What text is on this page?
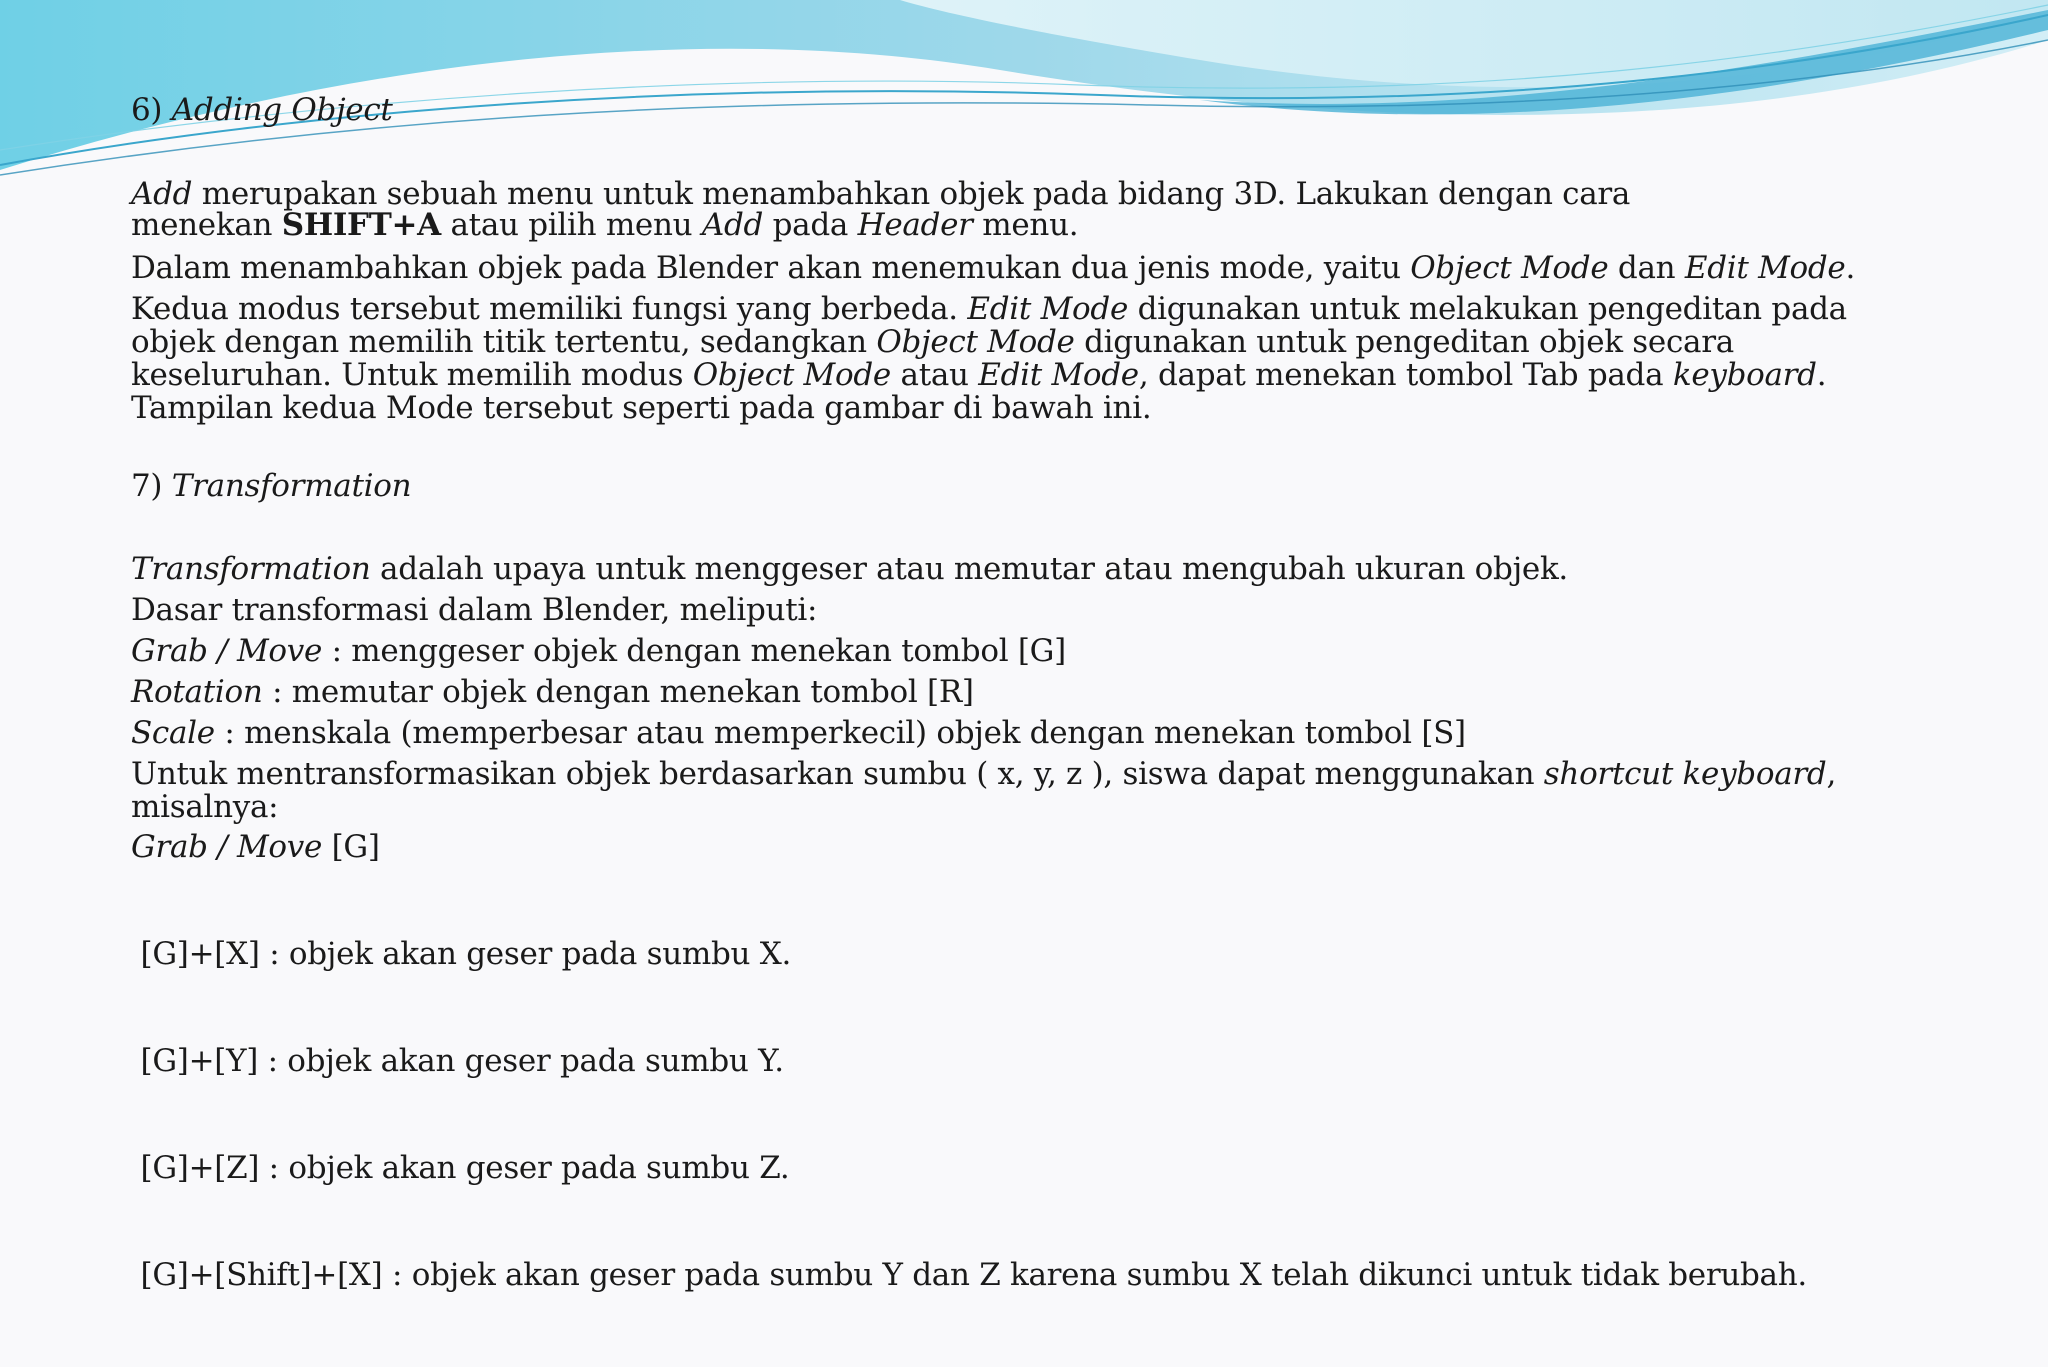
6) Adding Object
Add merupakan sebuah menu untuk menambahkan objek pada bidang 3D. Lakukan dengan cara
menekan SHIFT+A atau pilih menu Add pada Header menu.
Dalam menambahkan objek pada Blender akan menemukan dua jenis mode, yaitu Object Mode dan Edit Mode.
Kedua modus tersebut memiliki fungsi yang berbeda. Edit Mode digunakan untuk melakukan pengeditan pada
objek dengan memilih titik tertentu, sedangkan Object Mode digunakan untuk pengeditan objek secara
keseluruhan. Untuk memilih modus Object Mode atau Edit Mode, dapat menekan tombol Tab pada keyboard.
Tampilan kedua Mode tersebut seperti pada gambar di bawah ini.
7) Transformation
Transformation adalah upaya untuk menggeser atau memutar atau mengubah ukuran objek.
Dasar transformasi dalam Blender, meliputi:
Grab / Move : menggeser objek dengan menekan tombol [G]
Rotation : memutar objek dengan menekan tombol [R]
Scale : menskala (memperbesar atau memperkecil) objek dengan menekan tombol [S]
Untuk mentransformasikan objek berdasarkan sumbu ( x, y, z ), siswa dapat menggunakan shortcut keyboard,
misalnya:
Grab / Move [G]

[G]+[X] : objek akan geser pada sumbu X.

[G]+[Y] : objek akan geser pada sumbu Y.

[G]+[Z] : objek akan geser pada sumbu Z.

[G]+[Shift]+[X] : objek akan geser pada sumbu Y dan Z karena sumbu X telah dikunci untuk tidak berubah.
